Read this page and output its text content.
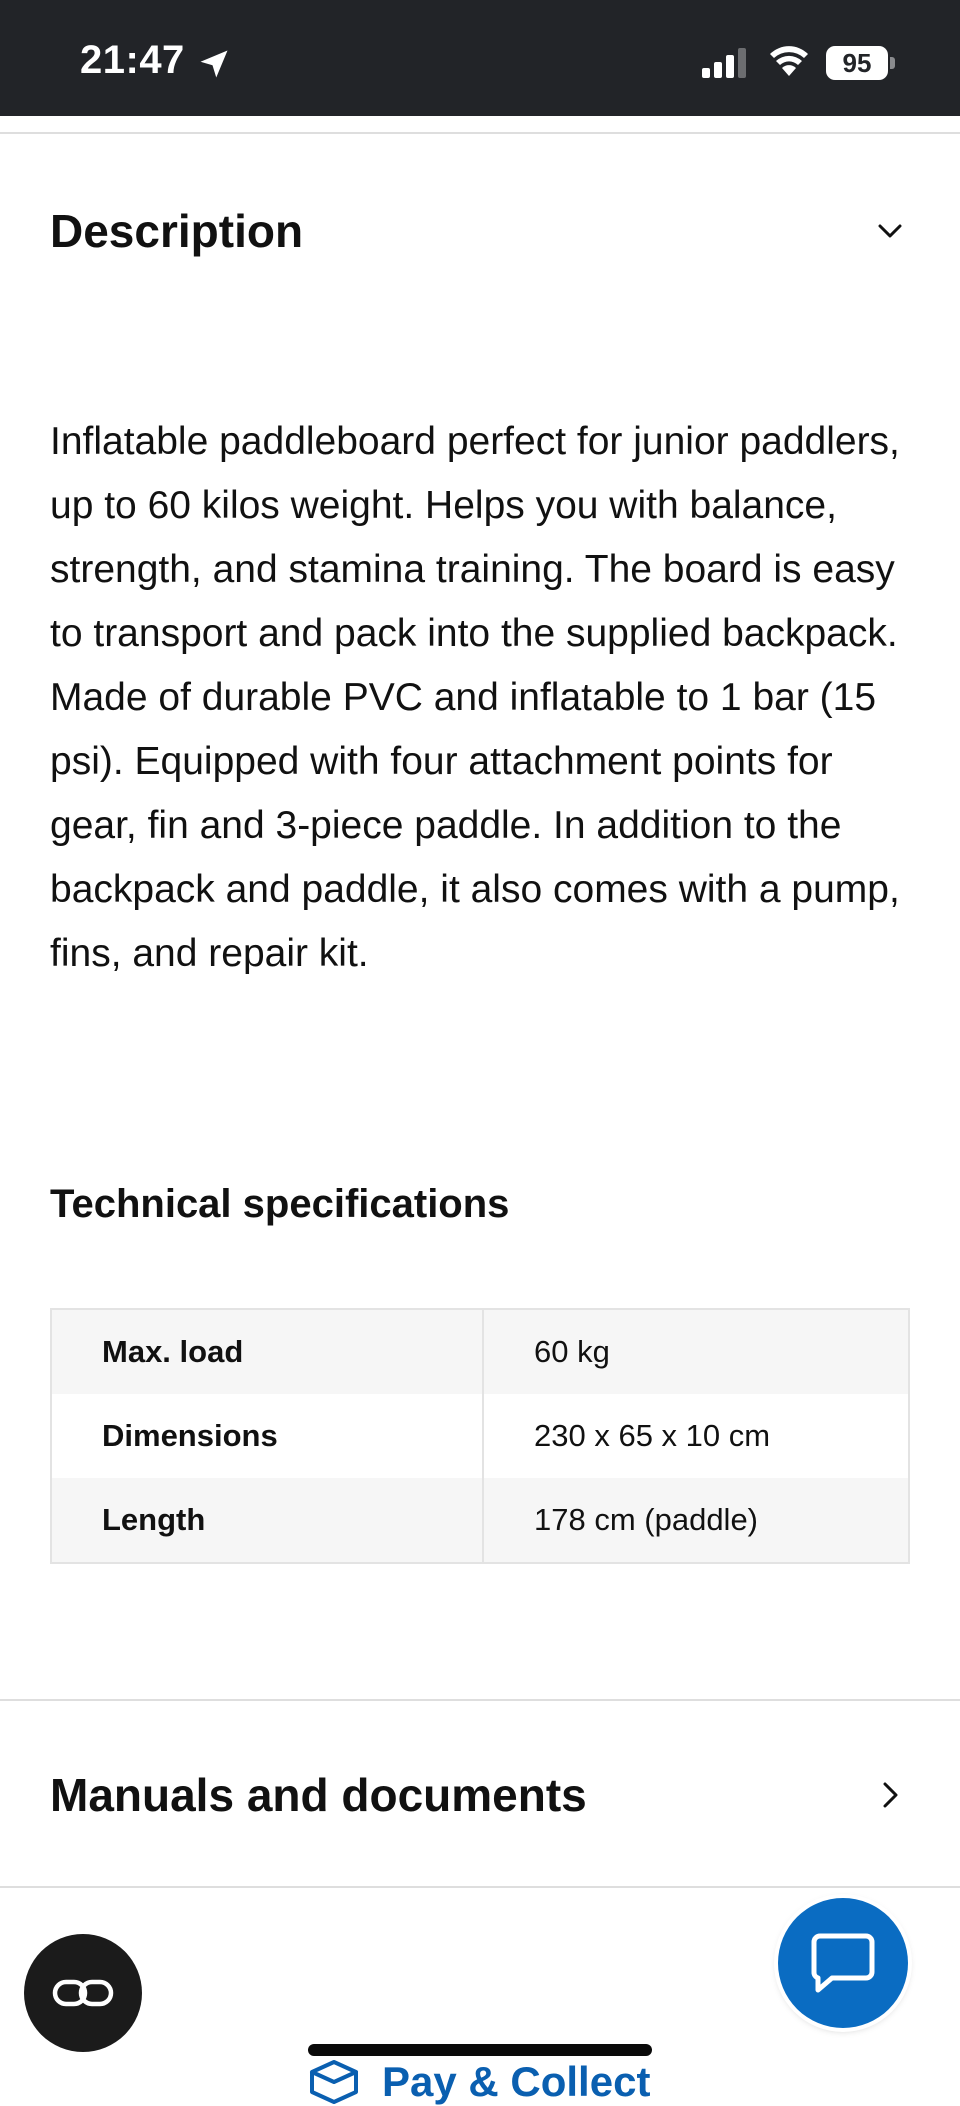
21:47	95
Description
Inflatable paddleboard perfect for junior paddlers, up to 60 kilos weight. Helps you with balance, strength, and stamina training. The board is easy to transport and pack into the supplied backpack. Made of durable PVC and inflatable to 1 bar (15 psi). Equipped with four attachment points for gear, fin and 3-piece paddle. In addition to the backpack and paddle, it also comes with a pump, fins, and repair kit.
Technical specifications
Max. load	60 kg
Dimensions	230 x 65 x 10 cm
Length	178 cm (paddle)
Manuals and documents
Pay & Collect
